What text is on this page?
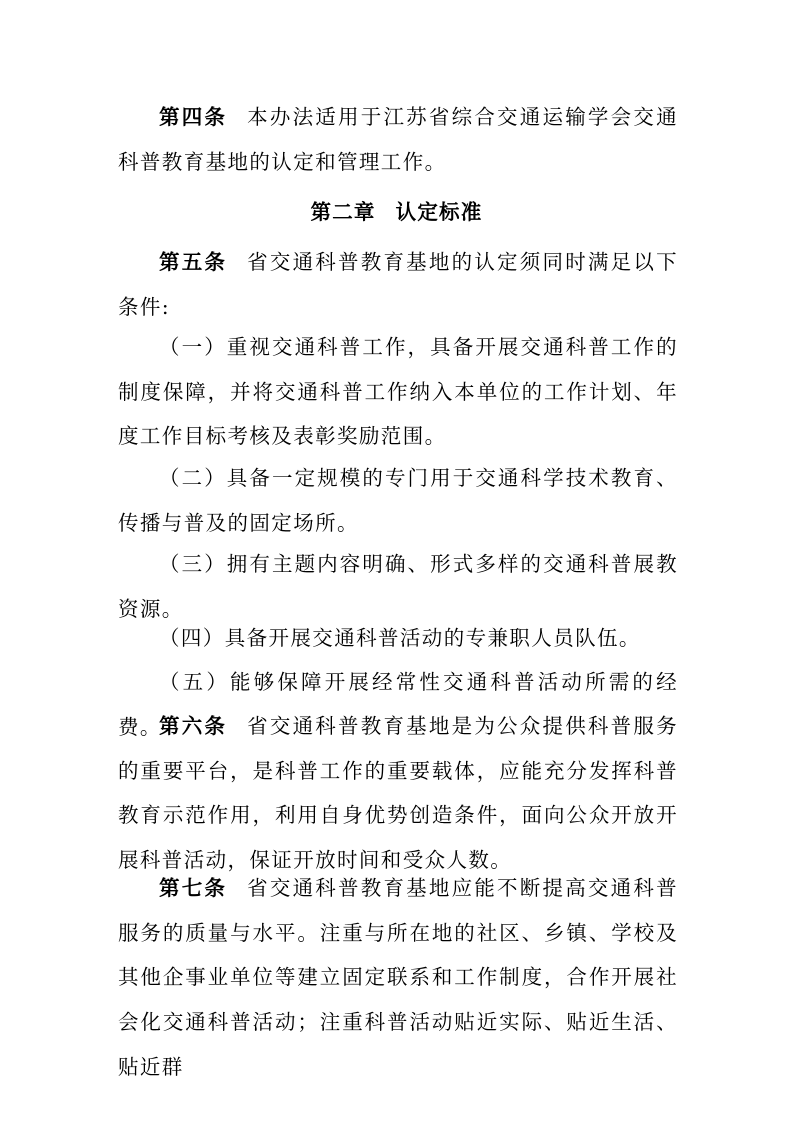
第四条 本办法适用于江苏省综合交通运输学会交通科普教育基地的认定和管理工作。

第二章 认定标准

第五条 省交通科普教育基地的认定须同时满足以下条件:

（一）重视交通科普工作，具备开展交通科普工作的制度保障，并将交通科普工作纳入本单位的工作计划、年度工作目标考核及表彰奖励范围。

（二）具备一定规模的专门用于交通科学技术教育、传播与普及的固定场所。

（三）拥有主题内容明确、形式多样的交通科普展教资源。

（四）具备开展交通科普活动的专兼职人员队伍。

（五）能够保障开展经常性交通科普活动所需的经费。

第六条 省交通科普教育基地是为公众提供科普服务的重要平台，是科普工作的重要载体，应能充分发挥科普教育示范作用，利用自身优势创造条件，面向公众开放开展科普活动，保证开放时间和受众人数。

第七条 省交通科普教育基地应能不断提高交通科普服务的质量与水平。注重与所在地的社区、乡镇、学校及其他企事业单位等建立固定联系和工作制度，合作开展社会化交通科普活动；注重科普活动贴近实际、贴近生活、贴近群
